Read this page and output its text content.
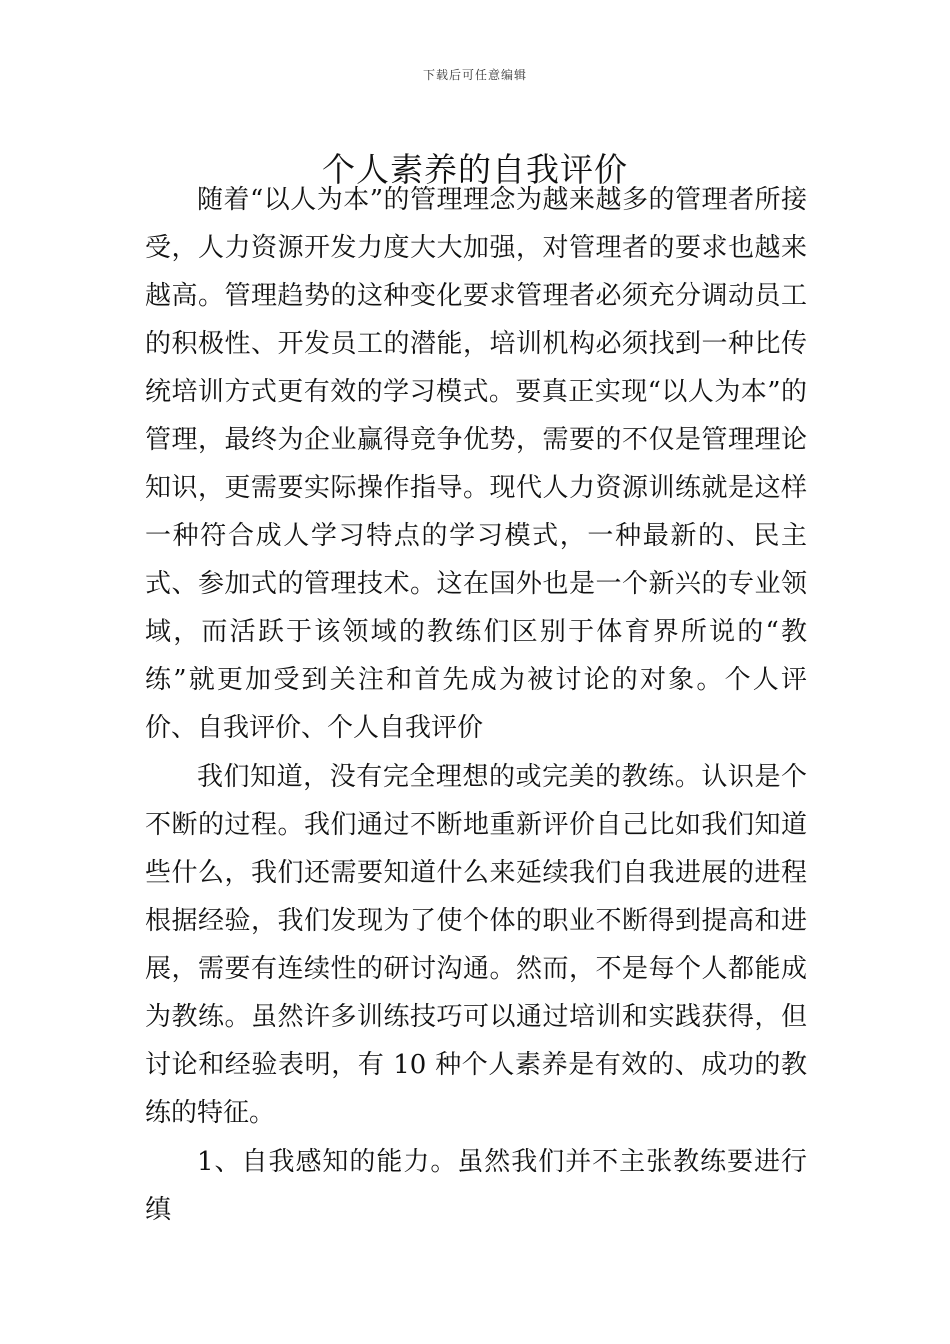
下载后可任意编辑
个人素养的自我评价

随着“以人为本”的管理理念为越来越多的管理者所接受，人力资源开发力度大大加强，对管理者的要求也越来越高。管理趋势的这种变化要求管理者必须充分调动员工的积极性、开发员工的潜能，培训机构必须找到一种比传统培训方式更有效的学习模式。要真正实现“以人为本”的管理，最终为企业赢得竞争优势，需要的不仅是管理理论知识，更需要实际操作指导。现代人力资源训练就是这样一种符合成人学习特点的学习模式，一种最新的、民主式、参加式的管理技术。这在国外也是一个新兴的专业领域，而活跃于该领域的教练们区别于体育界所说的“教练”就更加受到关注和首先成为被讨论的对象。个人评价、自我评价、个人自我评价

我们知道，没有完全理想的或完美的教练。认识是个不断的过程。我们通过不断地重新评价自己比如我们知道些什么，我们还需要知道什么来延续我们自我进展的进程根据经验，我们发现为了使个体的职业不断得到提高和进展，需要有连续性的研讨沟通。然而，不是每个人都能成为教练。虽然许多训练技巧可以通过培训和实践获得，但讨论和经验表明，有 10 种个人素养是有效的、成功的教练的特征。

1、自我感知的能力。虽然我们并不主张教练要进行缜
